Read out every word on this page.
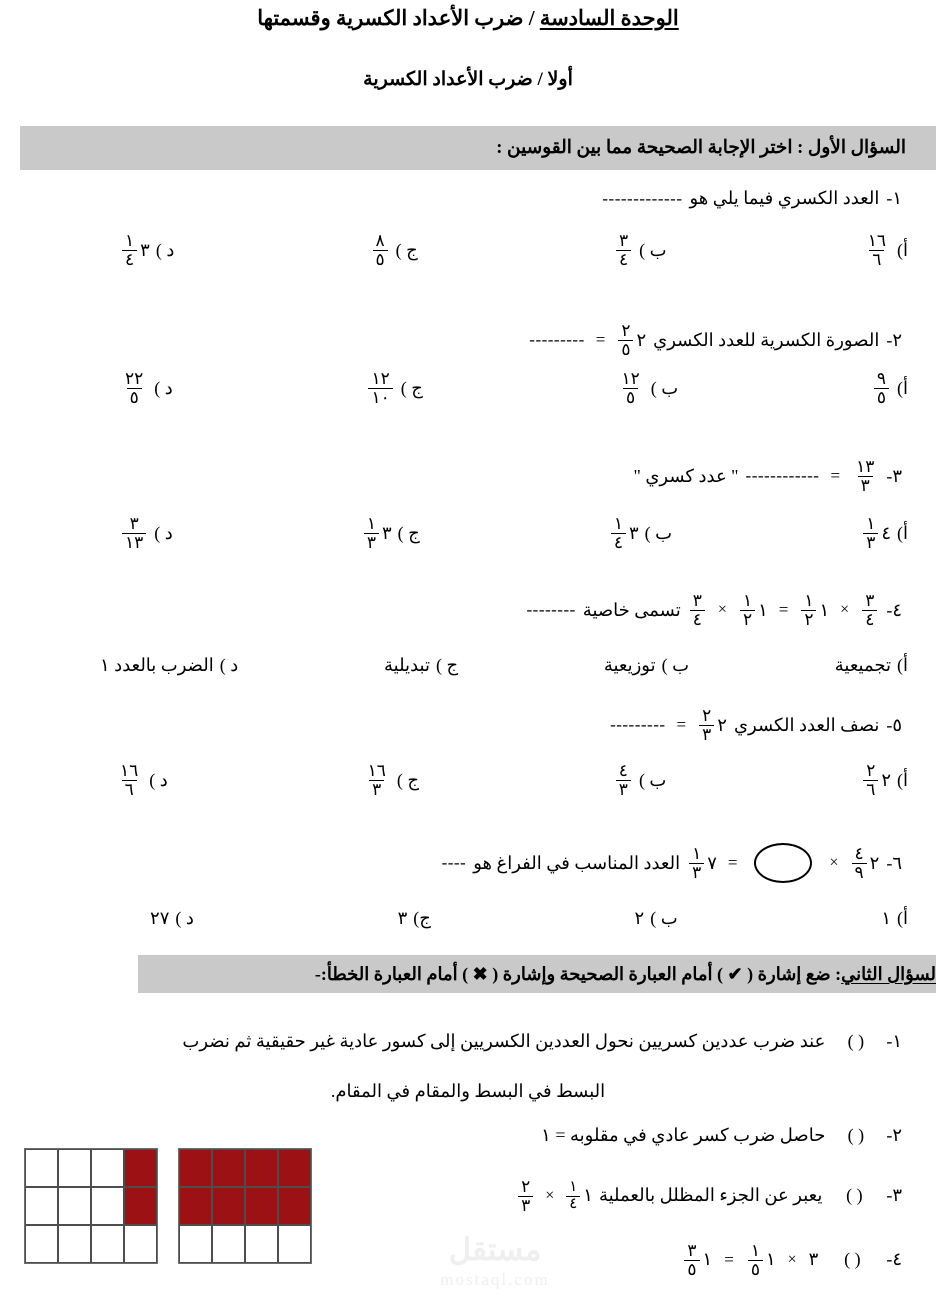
الوحدة السادسة / ضرب الأعداد الكسرية وقسمتها
أولا / ضرب الأعداد الكسرية
السؤال الأول : اختر الإجابة الصحيحة مما بين القوسين :
١-
العدد الكسري فيما يلي هو
-------------
أ)
$\frac{١٦}{٦}$
ب )
$\frac{٣}{٤}$
ج )
$\frac{٨}{٥}$
د )
$\frac{١}{٤}$ ٣
٢-
الصورة الكسرية للعدد الكسري
$\frac{٢}{٥}$ ٢
=
---------
أ)
$\frac{٩}{٥}$
ب )
$\frac{١٢}{٥}$
ج )
$\frac{١٢}{١٠}$
د )
$\frac{٢٢}{٥}$
٣-
$\frac{١٣}{٣}$
=
------------
" عدد كسري "
أ)
$\frac{١}{٣}$ ٤
ب )
$\frac{١}{٤}$ ٣
ج )
$\frac{١}{٣}$ ٣
د )
$\frac{٣}{١٣}$
٤-
$\frac{٣}{٤}$
×
$\frac{١}{٢}$ ١
=
$\frac{١}{٢}$ ١
×
$\frac{٣}{٤}$
تسمى خاصية
--------
أ)
تجميعية
ب )
توزيعية
ج )
تبديلية
د )
الضرب بالعدد ١
٥-
نصف العدد الكسري
$\frac{٢}{٣}$ ٢
=
---------
أ)
$\frac{٢}{٦}$ ٢
ب )
$\frac{٤}{٣}$
ج )
$\frac{١٦}{٣}$
د )
$\frac{١٦}{٦}$
٦-
$\frac{٤}{٩}$ ٢
×
=
$\frac{١}{٣}$ ٧
العدد المناسب في الفراغ هو
----
أ)
١
ب )
٢
ج)
٣
د )
٢٧
لسؤال الثاني
: ضع إشارة ( ✔ ) أمام العبارة الصحيحة وإشارة ( ✖ ) أمام العبارة الخطأ:-
١- ( ) عند ضرب عددين كسريين نحول العددين الكسريين إلى كسور عادية غير حقيقية ثم نضرب
البسط في البسط والمقام في المقام.
٢- ( ) حاصل ضرب كسر عادي في مقلوبه = ١
٣-
( )
يعبر عن الجزء المظلل بالعملية
$\frac{١}{٤}$ ١
×
$\frac{٢}{٣}$
٤-
( )
٣
×
$\frac{١}{٥}$ ١
=
$\frac{٣}{٥}$ ١
مستقل
mostaql.com
